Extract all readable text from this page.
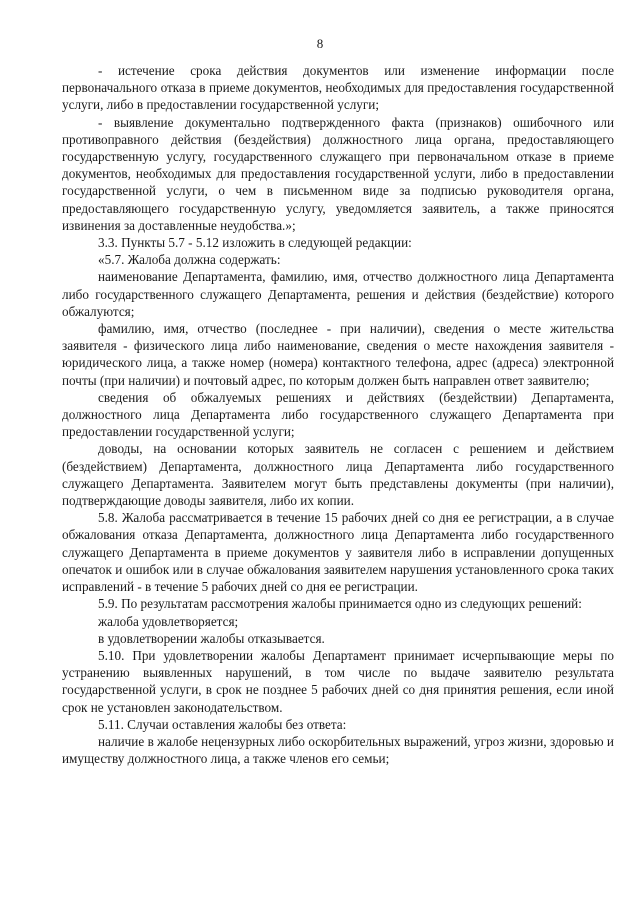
8

- истечение срока действия документов или изменение информации после первоначального отказа в приеме документов, необходимых для предоставления государственной услуги, либо в предоставлении государственной услуги;

- выявление документально подтвержденного факта (признаков) ошибочного или противоправного действия (бездействия) должностного лица органа, предоставляющего государственную услугу, государственного служащего при первоначальном отказе в приеме документов, необходимых для предоставления государственной услуги, либо в предоставлении государственной услуги, о чем в письменном виде за подписью руководителя органа, предоставляющего государственную услугу, уведомляется заявитель, а также приносятся извинения за доставленные неудобства.»;

3.3. Пункты 5.7 - 5.12 изложить в следующей редакции:

«5.7. Жалоба должна содержать:

наименование Департамента, фамилию, имя, отчество должностного лица Департамента либо государственного служащего Департамента, решения и действия (бездействие) которого обжалуются;

фамилию, имя, отчество (последнее - при наличии), сведения о месте жительства заявителя - физического лица либо наименование, сведения о месте нахождения заявителя - юридического лица, а также номер (номера) контактного телефона, адрес (адреса) электронной почты (при наличии) и почтовый адрес, по которым должен быть направлен ответ заявителю;

сведения об обжалуемых решениях и действиях (бездействии) Департамента, должностного лица Департамента либо государственного служащего Департамента при предоставлении государственной услуги;

доводы, на основании которых заявитель не согласен с решением и действием (бездействием) Департамента, должностного лица Департамента либо государственного служащего Департамента. Заявителем могут быть представлены документы (при наличии), подтверждающие доводы заявителя, либо их копии.

5.8. Жалоба рассматривается в течение 15 рабочих дней со дня ее регистрации, а в случае обжалования отказа Департамента, должностного лица Департамента либо государственного служащего Департамента в приеме документов у заявителя либо в исправлении допущенных опечаток и ошибок или в случае обжалования заявителем нарушения установленного срока таких исправлений - в течение 5 рабочих дней со дня ее регистрации.

5.9. По результатам рассмотрения жалобы принимается одно из следующих решений:

жалоба удовлетворяется;

в удовлетворении жалобы отказывается.

5.10. При удовлетворении жалобы Департамент принимает исчерпывающие меры по устранению выявленных нарушений, в том числе по выдаче заявителю результата государственной услуги, в срок не позднее 5 рабочих дней со дня принятия решения, если иной срок не установлен законодательством.

5.11. Случаи оставления жалобы без ответа:

наличие в жалобе нецензурных либо оскорбительных выражений, угроз жизни, здоровью и имуществу должностного лица, а также членов его семьи;
